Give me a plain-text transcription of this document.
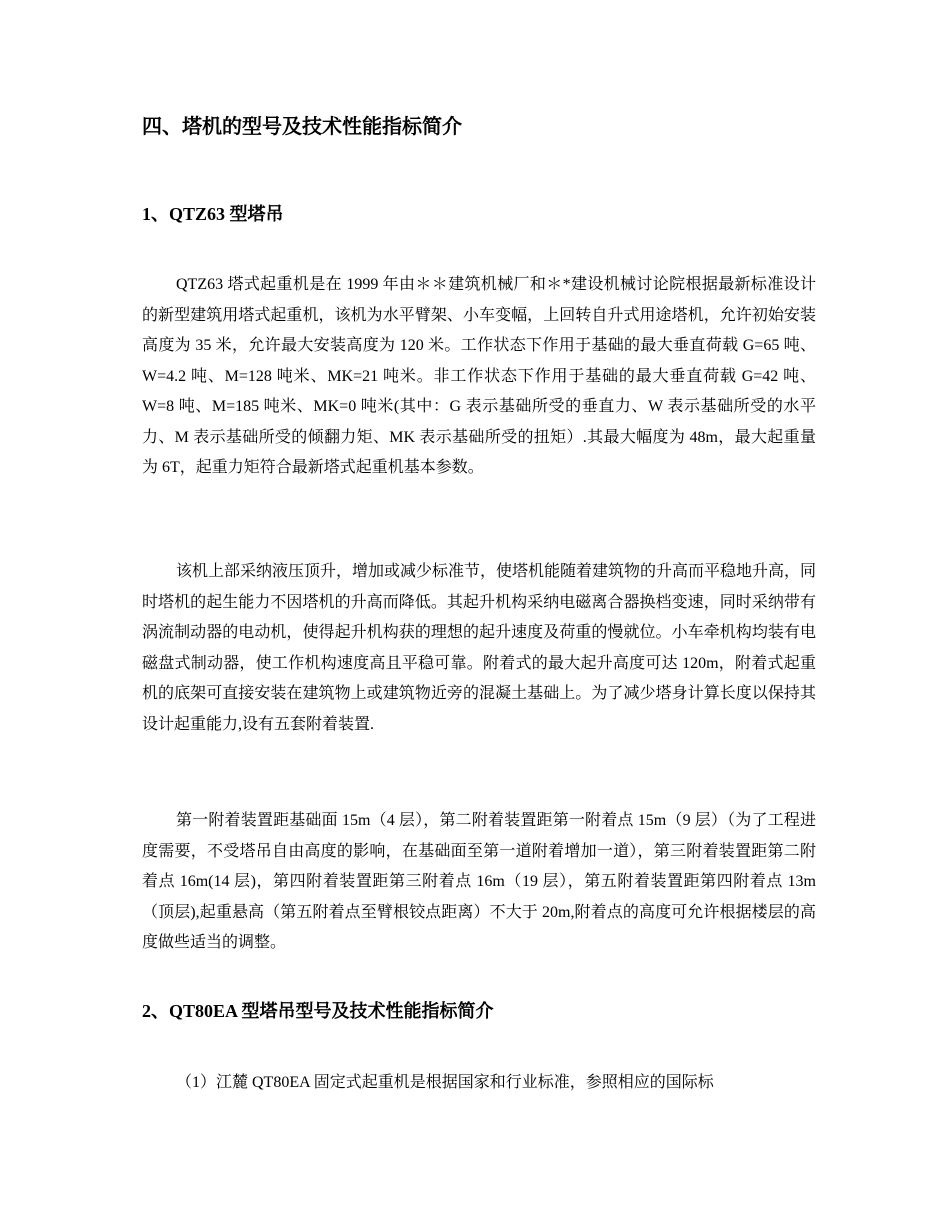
四、塔机的型号及技术性能指标简介
1、QTZ63 型塔吊

QTZ63 塔式起重机是在 1999 年由＊＊建筑机械厂和＊*建设机械讨论院根据最新标准设计的新型建筑用塔式起重机，该机为水平臂架、小车变幅，上回转自升式用途塔机，允许初始安装高度为 35 米，允许最大安装高度为 120 米。工作状态下作用于基础的最大垂直荷载 G=65 吨、W=4.2 吨、M=128 吨米、MK=21 吨米。非工作状态下作用于基础的最大垂直荷载 G=42 吨、W=8 吨、M=185 吨米、MK=0 吨米(其中：G 表示基础所受的垂直力、W 表示基础所受的水平力、M 表示基础所受的倾翻力矩、MK 表示基础所受的扭矩）.其最大幅度为 48m，最大起重量为 6T，起重力矩符合最新塔式起重机基本参数。

该机上部采纳液压顶升，增加或减少标准节，使塔机能随着建筑物的升高而平稳地升高，同时塔机的起生能力不因塔机的升高而降低。其起升机构采纳电磁离合器换档变速，同时采纳带有涡流制动器的电动机，使得起升机构获的理想的起升速度及荷重的慢就位。小车牵机构均装有电磁盘式制动器，使工作机构速度高且平稳可靠。附着式的最大起升高度可达 120m，附着式起重机的底架可直接安装在建筑物上或建筑物近旁的混凝土基础上。为了减少塔身计算长度以保持其设计起重能力,设有五套附着装置.

第一附着装置距基础面 15m（4 层），第二附着装置距第一附着点 15m（9 层）（为了工程进度需要，不受塔吊自由高度的影响，在基础面至第一道附着增加一道），第三附着装置距第二附着点 16m(14 层)，第四附着装置距第三附着点 16m（19 层），第五附着装置距第四附着点 13m（顶层),起重悬高（第五附着点至臂根铰点距离）不大于 20m,附着点的高度可允许根据楼层的高度做些适当的调整。

2、QT80EA 型塔吊型号及技术性能指标简介

（1）江麓 QT80EA 固定式起重机是根据国家和行业标准，参照相应的国际标
